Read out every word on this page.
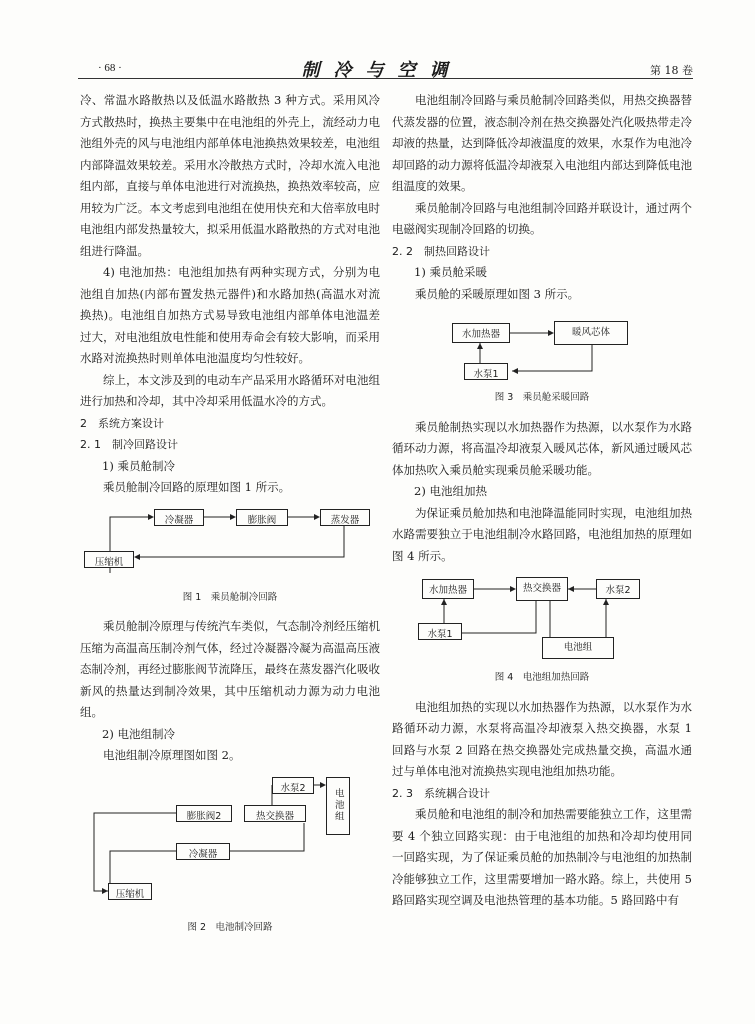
· 68 ·	制冷与空调	第 18 卷

冷、常温水路散热以及低温水路散热 3 种方式。采用风冷方式散热时，换热主要集中在电池组的外壳上，流经动力电池组外壳的风与电池组内部单体电池换热效果较差，电池组内部降温效果较差。采用水冷散热方式时，冷却水流入电池组内部，直接与单体电池进行对流换热，换热效率较高，应用较为广泛。本文考虑到电池组在使用快充和大倍率放电时电池组内部发热量较大，拟采用低温水路散热的方式对电池组进行降温。

4) 电池加热：电池组加热有两种实现方式，分别为电池组自加热(内部布置发热元器件)和水路加热(高温水对流换热)。电池组自加热方式易导致电池组内部单体电池温差过大，对电池组放电性能和使用寿命会有较大影响，而采用水路对流换热时则单体电池温度均匀性较好。

综上，本文涉及到的电动车产品采用水路循环对电池组进行加热和冷却，其中冷却采用低温水冷的方式。

2　系统方案设计

2. 1　制冷回路设计

1) 乘员舱制冷

乘员舱制冷回路的原理如图 1 所示。

冷凝器	膨胀阀	蒸发器
压缩机
图 1　乘员舱制冷回路

乘员舱制冷原理与传统汽车类似，气态制冷剂经压缩机压缩为高温高压制冷剂气体，经过冷凝器冷凝为高温高压液态制冷剂，再经过膨胀阀节流降压，最终在蒸发器汽化吸收新风的热量达到制冷效果，其中压缩机动力源为动力电池组。

2) 电池组制冷

电池组制冷原理图如图 2。

水泵2
膨胀阀2	热交换器	电池组
冷凝器
压缩机
图 2　电池制冷回路

电池组制冷回路与乘员舱制冷回路类似，用热交换器替代蒸发器的位置，液态制冷剂在热交换器处汽化吸热带走冷却液的热量，达到降低冷却液温度的效果，水泵作为电池冷却回路的动力源将低温冷却液泵入电池组内部达到降低电池组温度的效果。

乘员舱制冷回路与电池组制冷回路并联设计，通过两个电磁阀实现制冷回路的切换。

2. 2　制热回路设计

1) 乘员舱采暖

乘员舱的采暖原理如图 3 所示。

水加热器	暖风芯体
水泵1
图 3　乘员舱采暖回路

乘员舱制热实现以水加热器作为热源，以水泵作为水路循环动力源，将高温冷却液泵入暖风芯体，新风通过暖风芯体加热吹入乘员舱实现乘员舱采暖功能。

2) 电池组加热

为保证乘员舱加热和电池降温能同时实现，电池组加热水路需要独立于电池组制冷水路回路，电池组加热的原理如图 4 所示。

水加热器	热交换器	水泵2
水泵1
电池组
图 4　电池组加热回路

电池组加热的实现以水加热器作为热源，以水泵作为水路循环动力源，水泵将高温冷却液泵入热交换器，水泵 1 回路与水泵 2 回路在热交换器处完成热量交换，高温水通过与单体电池对流换热实现电池组加热功能。

2. 3　系统耦合设计

乘员舱和电池组的制冷和加热需要能独立工作，这里需要 4 个独立回路实现：由于电池组的加热和冷却均使用同一回路实现，为了保证乘员舱的加热制冷与电池组的加热制冷能够独立工作，这里需要增加一路水路。综上，共使用 5 路回路实现空调及电池热管理的基本功能。5 路回路中有
